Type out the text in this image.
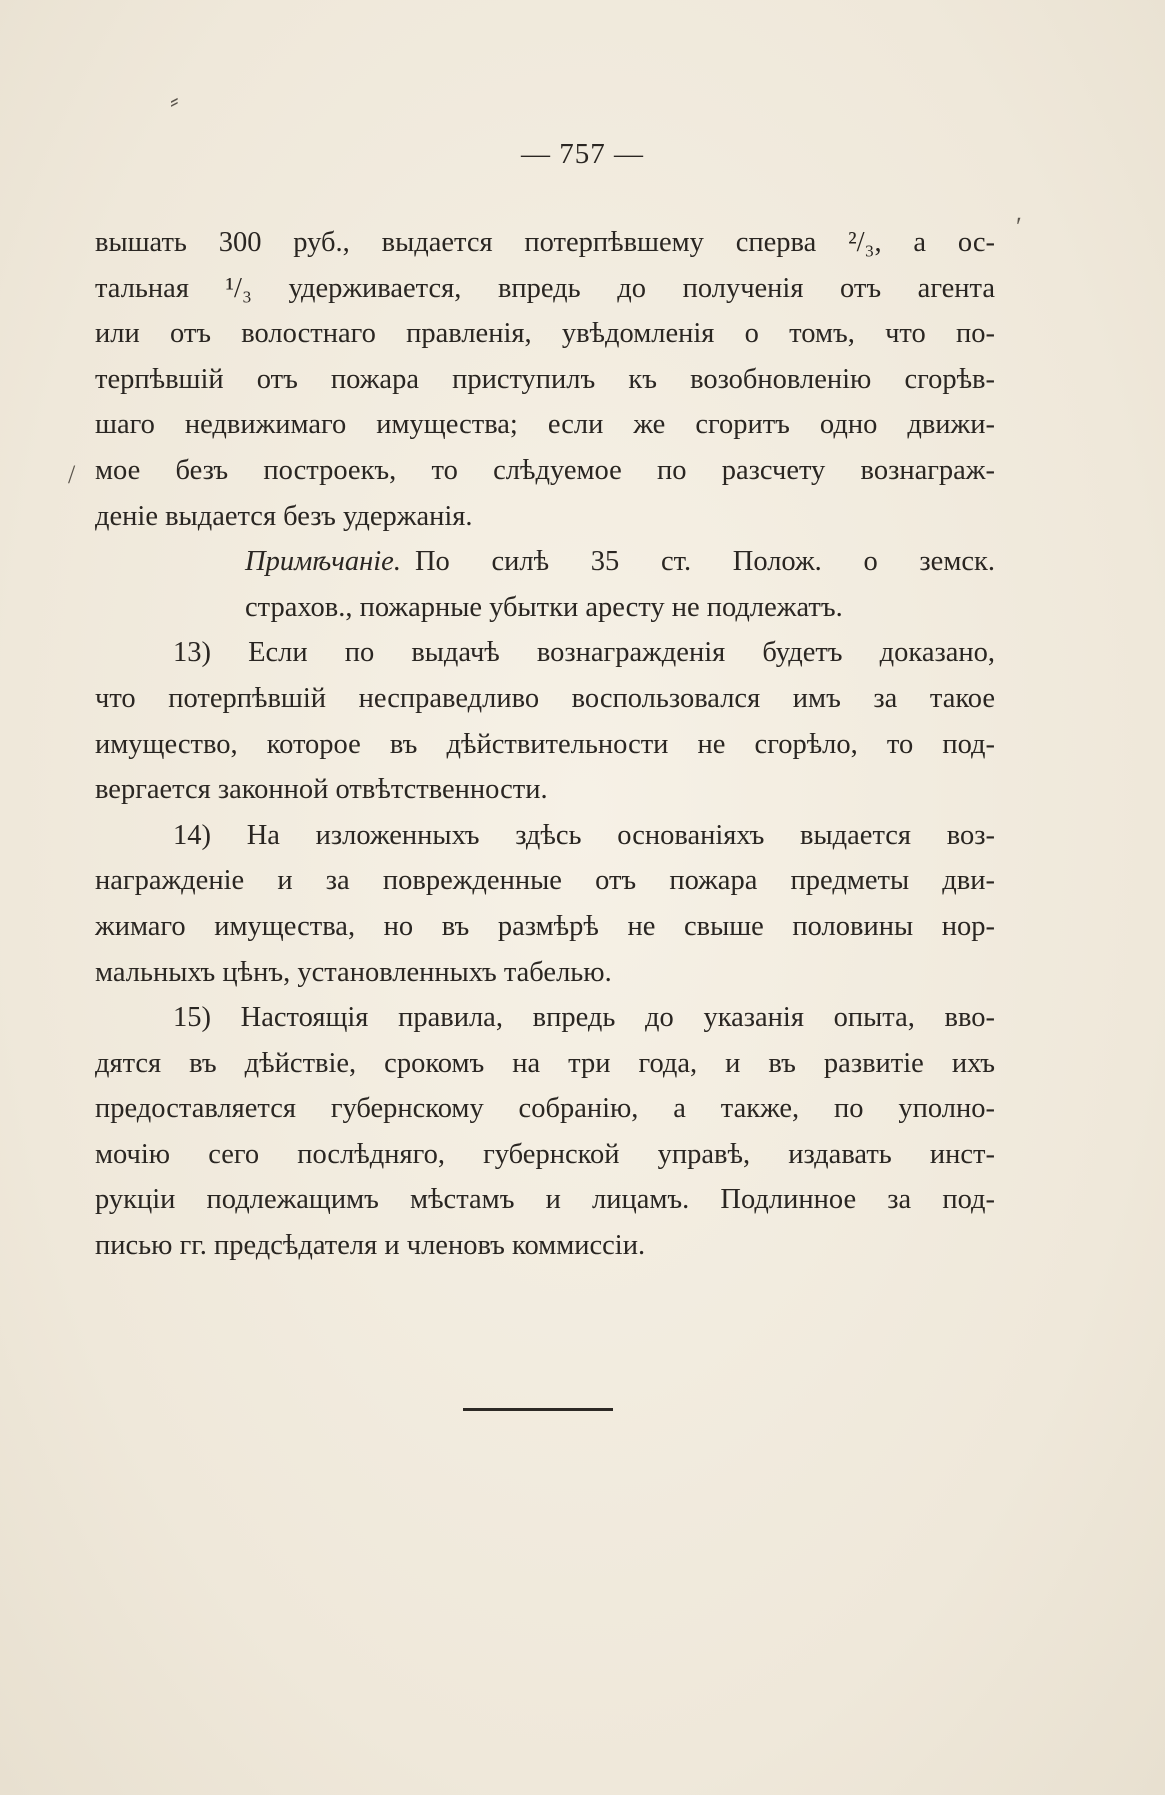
⸗
— 757 —
вышать 300 руб., выдается потерпѣвшему сперва ²/₃, а ос-
тальная ¹/₃ удерживается, впредь до полученія отъ агента
или отъ волостнаго правленія, увѣдомленія о томъ, что по-
терпѣвшій отъ пожара приступилъ къ возобновленію сгорѣв-
шаго недвижимаго имущества; если же сгоритъ одно движи-
мое безъ построекъ, то слѣдуемое по разсчету вознаграж-
деніе выдается безъ удержанія.
Примѣчаніе. По силѣ 35 ст. Полож. о земск.
страхов., пожарные убытки аресту не подлежатъ.
13) Если по выдачѣ вознагражденія будетъ доказано,
что потерпѣвшій несправедливо воспользовался имъ за такое
имущество, которое въ дѣйствительности не сгорѣло, то под-
вергается законной отвѣтственности.
14) На изложенныхъ здѣсь основаніяхъ выдается воз-
награжденіе и за поврежденные отъ пожара предметы дви-
жимаго имущества, но въ размѣрѣ не свыше половины нор-
мальныхъ цѣнъ, установленныхъ табелью.
15) Настоящія правила, впредь до указанія опыта, вво-
дятся въ дѣйствіе, срокомъ на три года, и въ развитіе ихъ
предоставляется губернскому собранію, а также, по уполно-
мочію сего послѣдняго, губернской управѣ, издавать инст-
рукціи подлежащимъ мѣстамъ и лицамъ. Подлинное за под-
писью гг. предсѣдателя и членовъ коммиссіи.
/
ʹ
